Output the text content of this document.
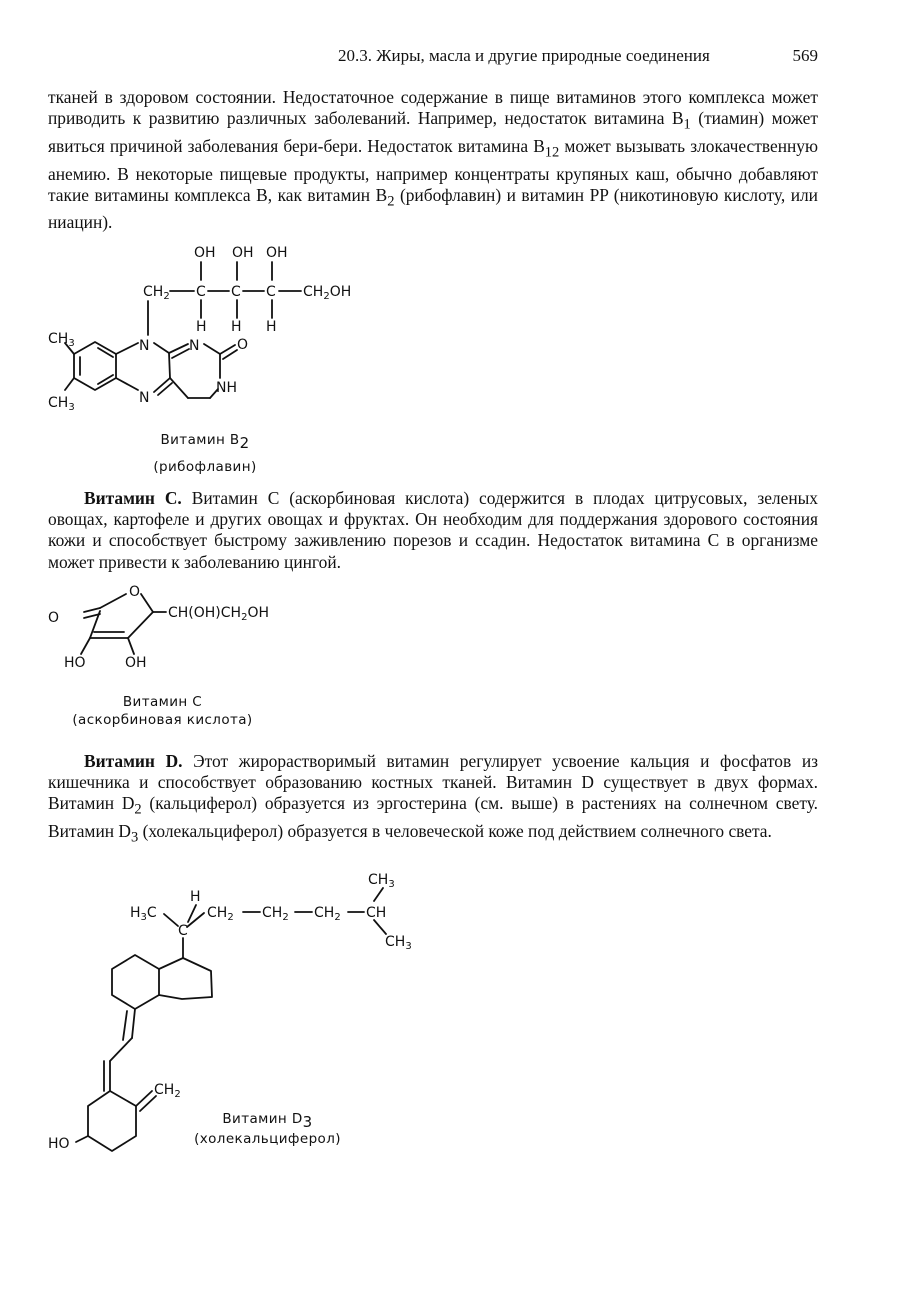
20.3. Жиры, масла и другие природные соединения	569

тканей в здоровом состоянии. Недостаточное содержание в пище витаминов этого комплекса может приводить к развитию различных заболеваний. Например, недостаток витамина $B_1$ (тиамин) может явиться причиной заболевания бери-бери. Недостаток витамина $B_{12}$ может вызывать злокачественную анемию. В некоторые пищевые продукты, например концентраты крупяных каш, обычно добавляют такие витамины комплекса B, как витамин $B_2$ (рибофлавин) и витамин PP (никотиновую кислоту, или ниацин).

OH OH OH
$CH_2$ C C C $CH_2OH$
H H H
N
N
N	O
NH
$CH_3$
$CH_3$
Витамин $B_2$
(рибофлавин)

Витамин C. Витамин C (аскорбиновая кислота) содержится в плодах цитрусовых, зеленых овощах, картофеле и других овощах и фруктах. Он необходим для поддержания здорового состояния кожи и способствует быстрому заживлению порезов и ссадин. Недостаток витамина C в организме может привести к заболеванию цингой.

O
O	$CH(OH)CH_2OH$
HO	OH
Витамин C
(аскорбиновая кислота)

Витамин D. Этот жирорастворимый витамин регулирует усвоение кальция и фосфатов из кишечника и способствует образованию костных тканей. Витамин D существует в двух формах. Витамин $D_2$ (кальциферол) образуется из эргостерина (см. выше) в растениях на солнечном свету. Витамин $D_3$ (холекальциферол) образуется в человеческой коже под действием солнечного света.

$CH_3$
H
$H_3C$
C
$CH_2$ $CH_2$ $CH_2$ CH
$CH_3$
$CH_2$
HO
Витамин $D_3$
(холекальциферол)
